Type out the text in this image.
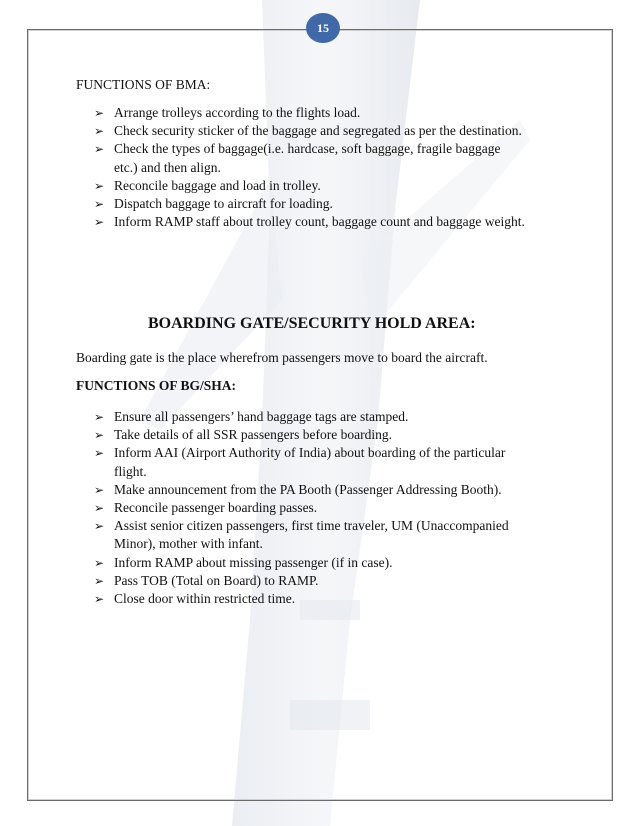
15
FUNCTIONS OF BMA:
➢ Arrange trolleys according to the flights load.
➢ Check security sticker of the baggage and segregated as per the destination.
➢ Check the types of baggage(i.e. hardcase, soft baggage, fragile baggage
etc.) and then align.
➢ Reconcile baggage and load in trolley.
➢ Dispatch baggage to aircraft for loading.
➢ Inform RAMP staff about trolley count, baggage count and baggage weight.
BOARDING GATE/SECURITY HOLD AREA:
Boarding gate is the place wherefrom passengers move to board the aircraft.
FUNCTIONS OF BG/SHA:
➢ Ensure all passengers’ hand baggage tags are stamped.
➢ Take details of all SSR passengers before boarding.
➢ Inform AAI (Airport Authority of India) about boarding of the particular
flight.
➢ Make announcement from the PA Booth (Passenger Addressing Booth).
➢ Reconcile passenger boarding passes.
➢ Assist senior citizen passengers, first time traveler, UM (Unaccompanied
Minor), mother with infant.
➢ Inform RAMP about missing passenger (if in case).
➢ Pass TOB (Total on Board) to RAMP.
➢ Close door within restricted time.
